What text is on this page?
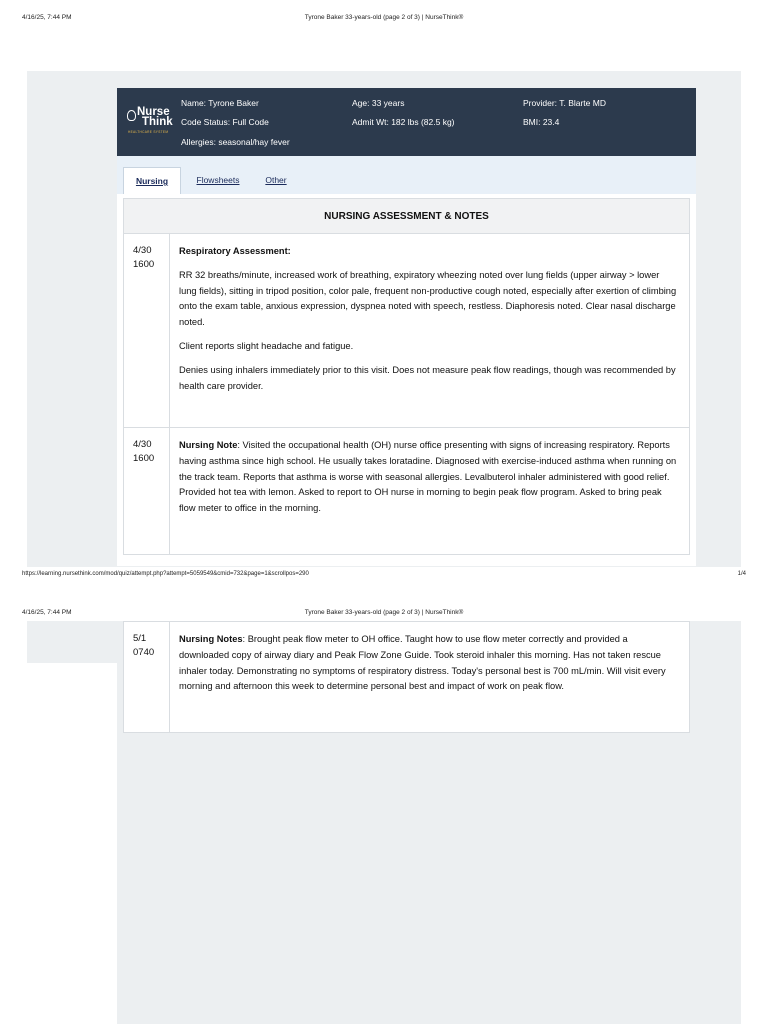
4/16/25, 7:44 PM	Tyrone Baker 33-years-old (page 2 of 3) | NurseThink®
Nurse
Think
HEALTHCARE SYSTEM
Name: Tyrone Baker
Code Status: Full Code
Allergies: seasonal/hay fever
Age: 33 years
Admit Wt: 182 lbs (82.5 kg)
Provider: T. Blarte MD
BMI: 23.4
Nursing	Flowsheets	Other
NURSING ASSESSMENT & NOTES
4/30
1600

Respiratory Assessment:

RR 32 breaths/minute, increased work of breathing, expiratory wheezing noted over lung fields (upper airway > lower lung fields), sitting in tripod position, color pale, frequent non-productive cough noted, especially after exertion of climbing onto the exam table, anxious expression, dyspnea noted with speech, restless. Diaphoresis noted. Clear nasal discharge noted.

Client reports slight headache and fatigue.

Denies using inhalers immediately prior to this visit. Does not measure peak flow readings, though was recommended by health care provider.

4/30
1600

Nursing Note: Visited the occupational health (OH) nurse office presenting with signs of increasing respiratory. Reports having asthma since high school. He usually takes loratadine. Diagnosed with exercise-induced asthma when running on the track team. Reports that asthma is worse with seasonal allergies. Levalbuterol inhaler administered with good relief. Provided hot tea with lemon. Asked to report to OH nurse in morning to begin peak flow program. Asked to bring peak flow meter to office in the morning.

https://learning.nursethink.com/mod/quiz/attempt.php?attempt=5059549&cmid=732&page=1&scrollpos=290	1/4
4/16/25, 7:44 PM	Tyrone Baker 33-years-old (page 2 of 3) | NurseThink®
5/1
0740

Nursing Notes: Brought peak flow meter to OH office. Taught how to use flow meter correctly and provided a downloaded copy of airway diary and Peak Flow Zone Guide. Took steroid inhaler this morning. Has not taken rescue inhaler today. Demonstrating no symptoms of respiratory distress. Today's personal best is 700 mL/min. Will visit every morning and afternoon this week to determine personal best and impact of work on peak flow.
